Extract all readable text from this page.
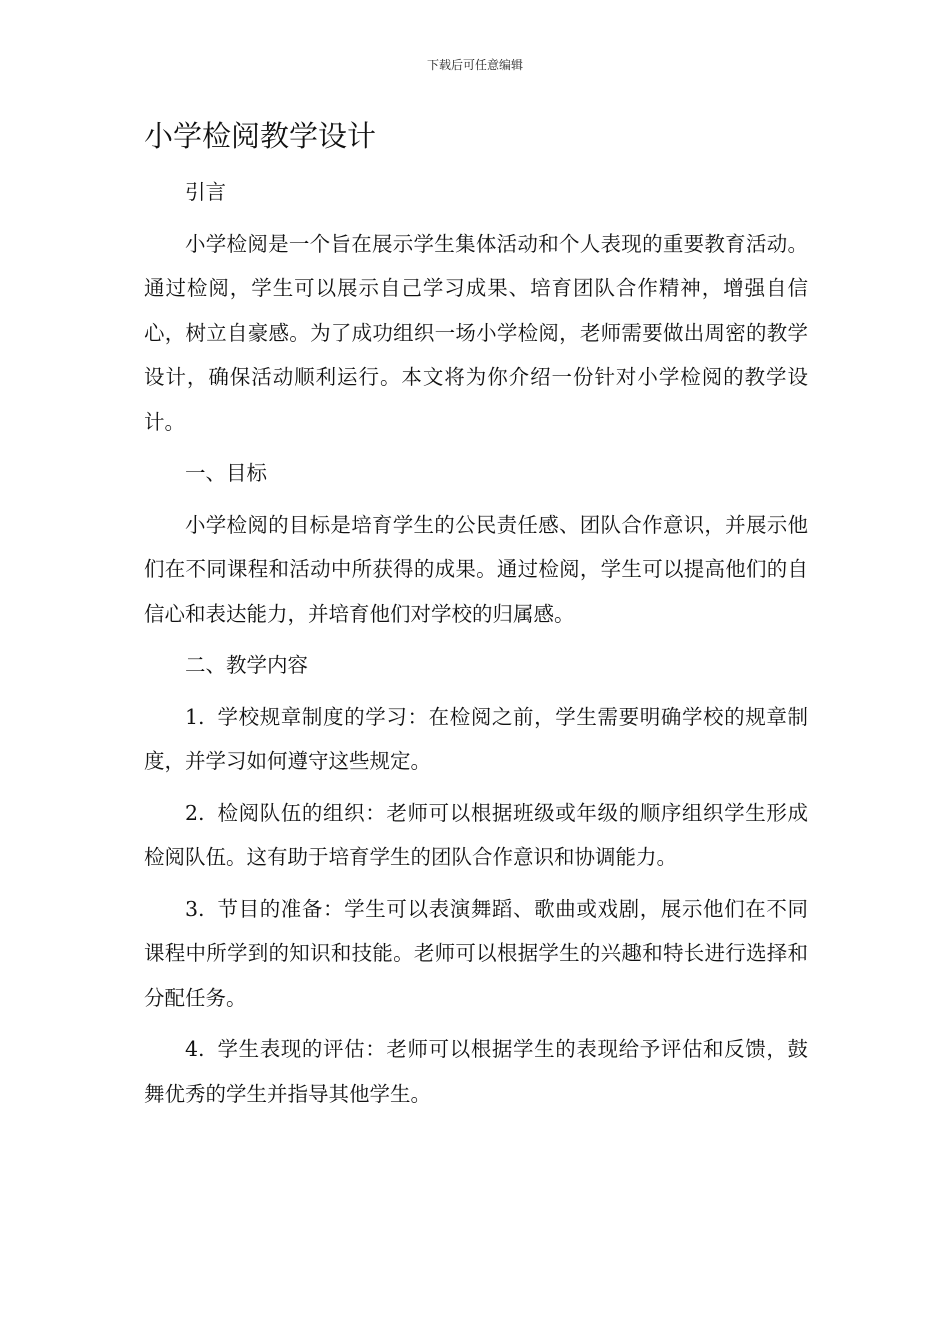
下载后可任意编辑
小学检阅教学设计

引言

小学检阅是一个旨在展示学生集体活动和个人表现的重要教育活动。通过检阅，学生可以展示自己学习成果、培育团队合作精神，增强自信心，树立自豪感。为了成功组织一场小学检阅，老师需要做出周密的教学设计，确保活动顺利运行。本文将为你介绍一份针对小学检阅的教学设计。

一、目标

小学检阅的目标是培育学生的公民责任感、团队合作意识，并展示他们在不同课程和活动中所获得的成果。通过检阅，学生可以提高他们的自信心和表达能力，并培育他们对学校的归属感。

二、教学内容

1. 学校规章制度的学习：在检阅之前，学生需要明确学校的规章制度，并学习如何遵守这些规定。

2. 检阅队伍的组织：老师可以根据班级或年级的顺序组织学生形成检阅队伍。这有助于培育学生的团队合作意识和协调能力。

3. 节目的准备：学生可以表演舞蹈、歌曲或戏剧，展示他们在不同课程中所学到的知识和技能。老师可以根据学生的兴趣和特长进行选择和分配任务。

4. 学生表现的评估：老师可以根据学生的表现给予评估和反馈，鼓舞优秀的学生并指导其他学生。
